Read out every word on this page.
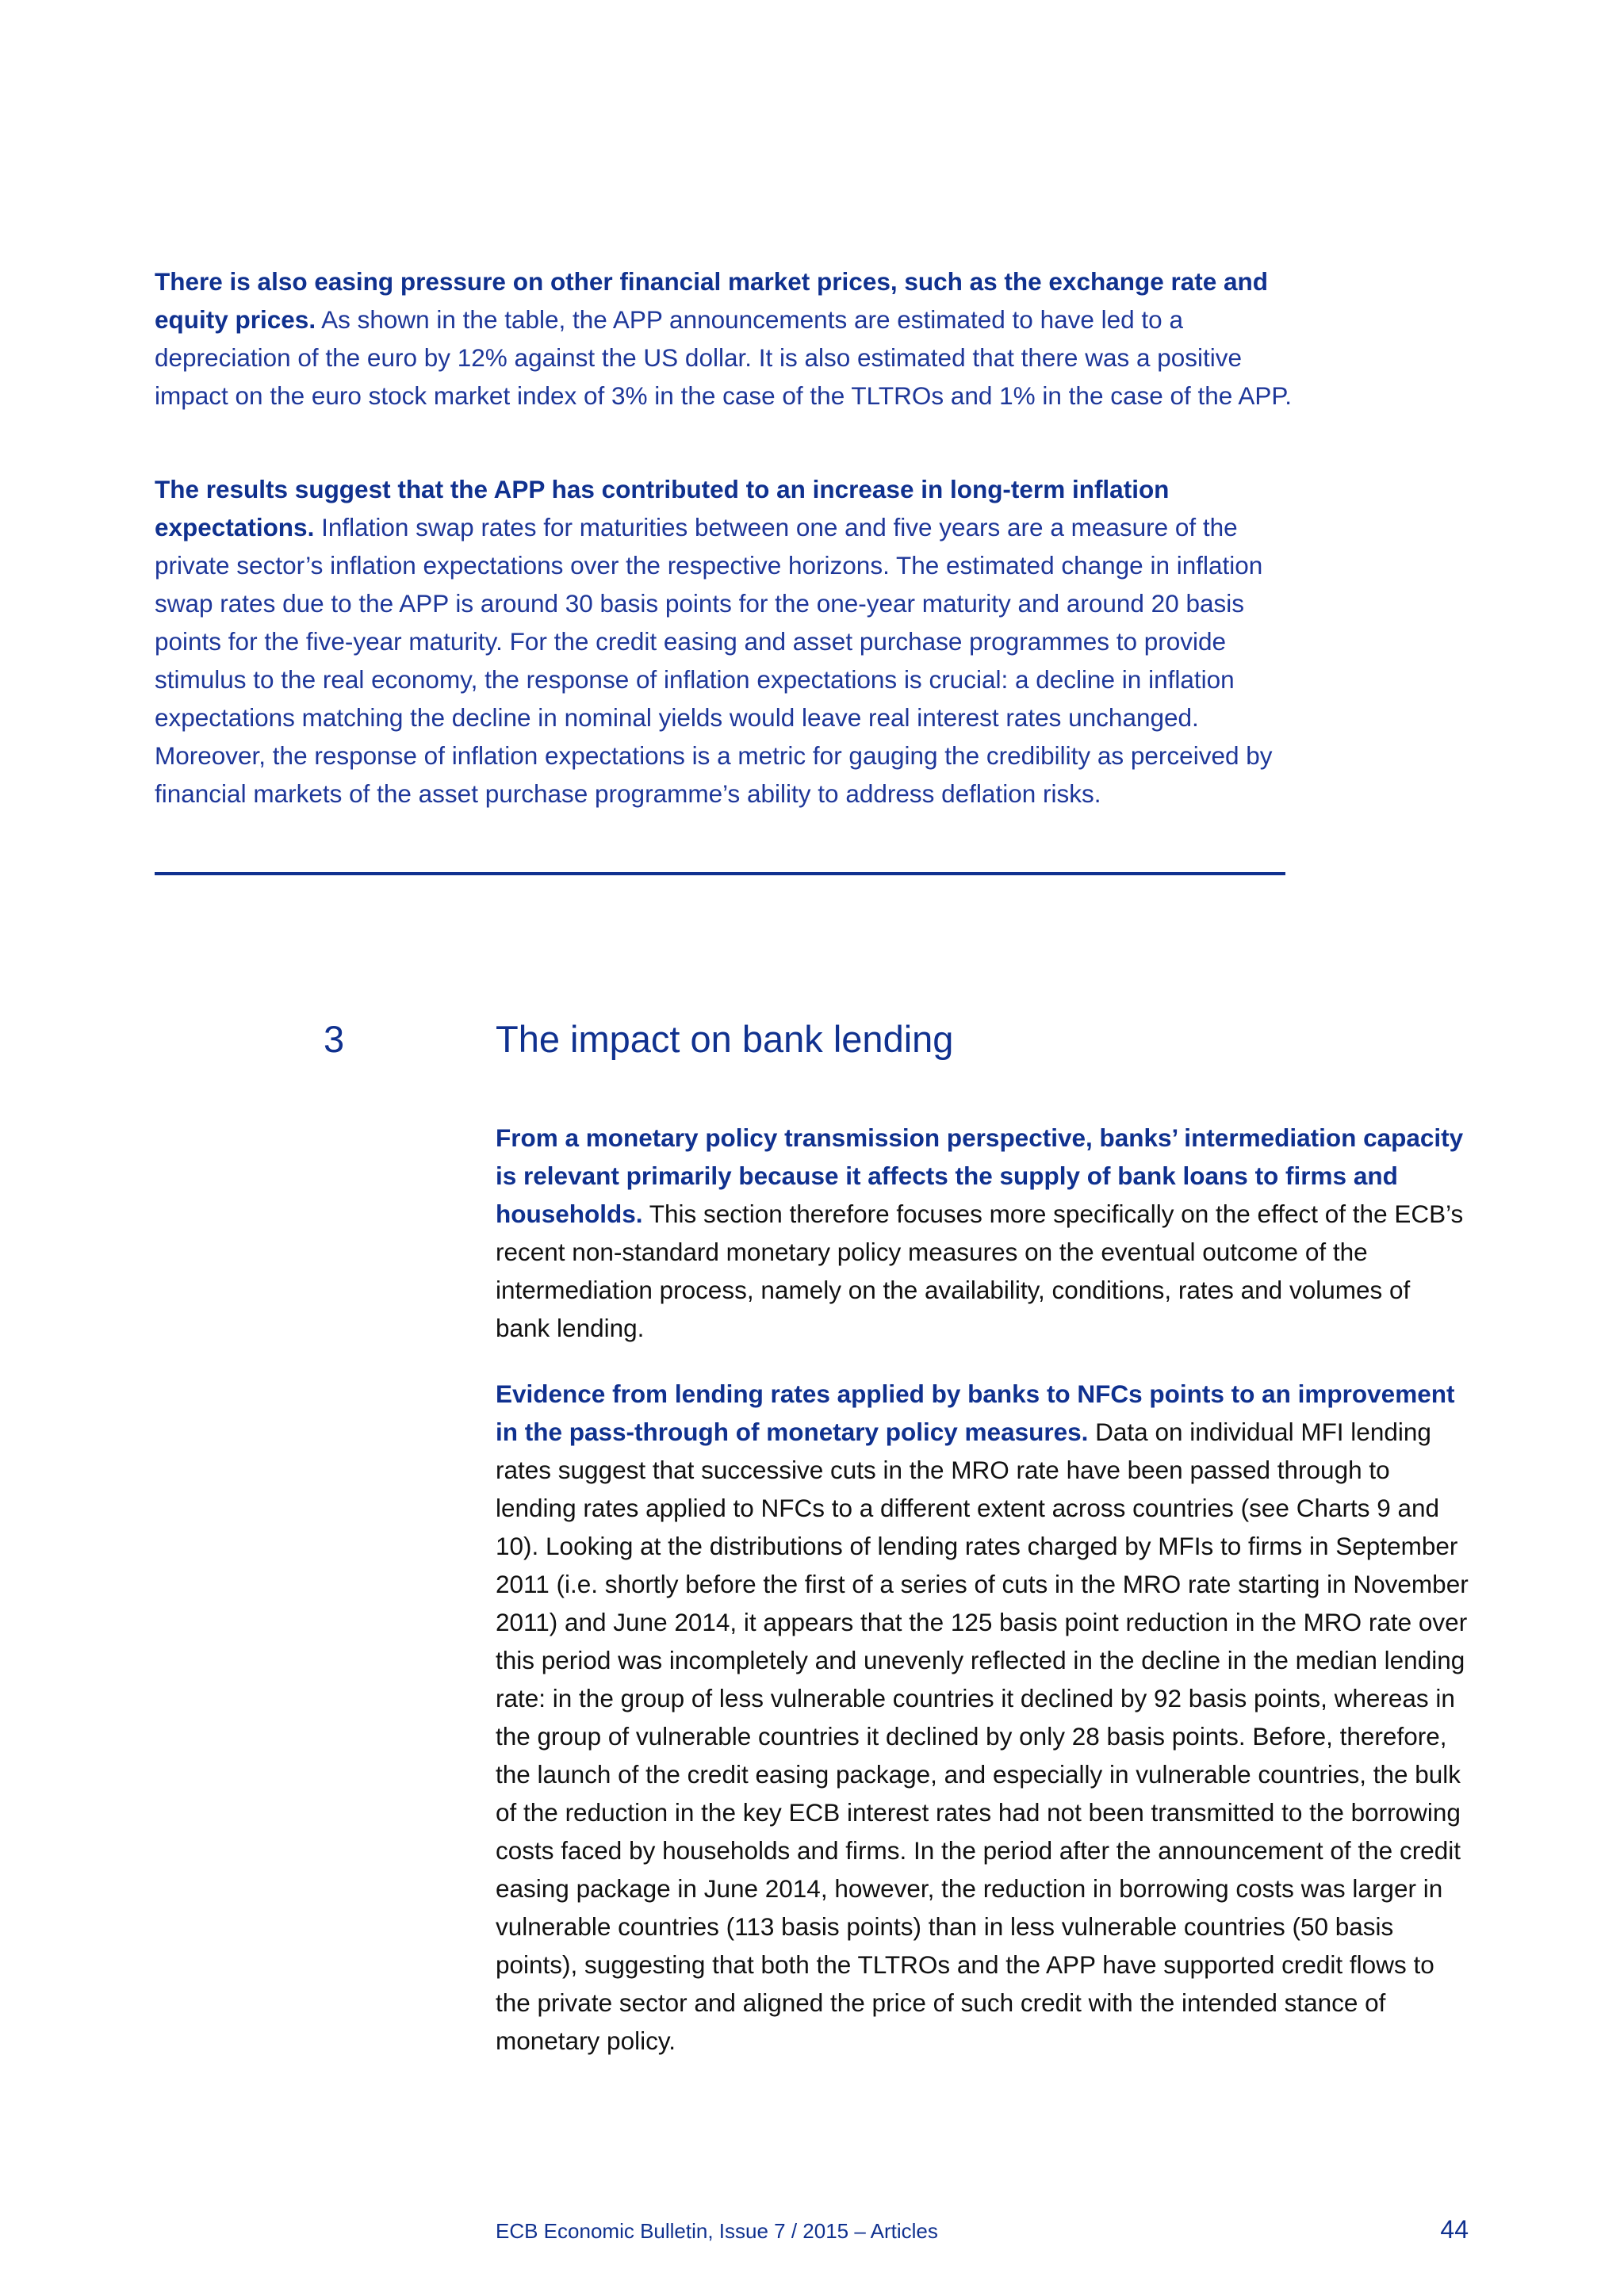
There is also easing pressure on other financial market prices, such as the exchange rate and equity prices. As shown in the table, the APP announcements are estimated to have led to a depreciation of the euro by 12% against the US dollar. It is also estimated that there was a positive impact on the euro stock market index of 3% in the case of the TLTROs and 1% in the case of the APP.

The results suggest that the APP has contributed to an increase in long-term inflation expectations. Inflation swap rates for maturities between one and five years are a measure of the private sector’s inflation expectations over the respective horizons. The estimated change in inflation swap rates due to the APP is around 30 basis points for the one-year maturity and around 20 basis points for the five-year maturity. For the credit easing and asset purchase programmes to provide stimulus to the real economy, the response of inflation expectations is crucial: a decline in inflation expectations matching the decline in nominal yields would leave real interest rates unchanged. Moreover, the response of inflation expectations is a metric for gauging the credibility as perceived by financial markets of the asset purchase programme’s ability to address deflation risks.

3	The impact on bank lending

From a monetary policy transmission perspective, banks’ intermediation capacity is relevant primarily because it affects the supply of bank loans to firms and households. This section therefore focuses more specifically on the effect of the ECB’s recent non-standard monetary policy measures on the eventual outcome of the intermediation process, namely on the availability, conditions, rates and volumes of bank lending.

Evidence from lending rates applied by banks to NFCs points to an improvement in the pass-through of monetary policy measures. Data on individual MFI lending rates suggest that successive cuts in the MRO rate have been passed through to lending rates applied to NFCs to a different extent across countries (see Charts 9 and 10). Looking at the distributions of lending rates charged by MFIs to firms in September 2011 (i.e. shortly before the first of a series of cuts in the MRO rate starting in November 2011) and June 2014, it appears that the 125 basis point reduction in the MRO rate over this period was incompletely and unevenly reflected in the decline in the median lending rate: in the group of less vulnerable countries it declined by 92 basis points, whereas in the group of vulnerable countries it declined by only 28 basis points. Before, therefore, the launch of the credit easing package, and especially in vulnerable countries, the bulk of the reduction in the key ECB interest rates had not been transmitted to the borrowing costs faced by households and firms. In the period after the announcement of the credit easing package in June 2014, however, the reduction in borrowing costs was larger in vulnerable countries (113 basis points) than in less vulnerable countries (50 basis points), suggesting that both the TLTROs and the APP have supported credit flows to the private sector and aligned the price of such credit with the intended stance of monetary policy.

ECB Economic Bulletin, Issue 7 / 2015 – Articles	44
